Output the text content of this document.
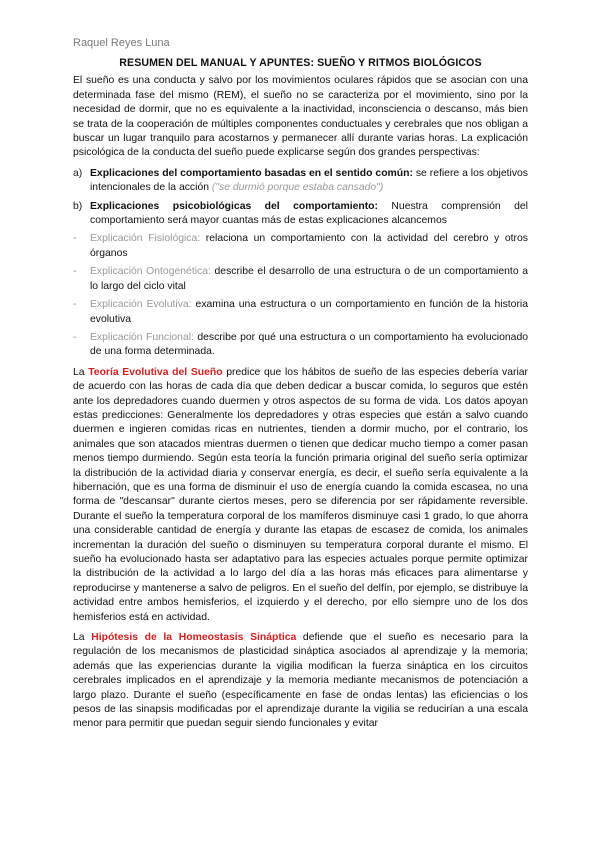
Raquel Reyes Luna
RESUMEN DEL MANUAL Y APUNTES: SUEÑO Y RITMOS BIOLÓGICOS

El sueño es una conducta y salvo por los movimientos oculares rápidos que se asocian con una determinada fase del mismo (REM), el sueño no se caracteriza por el movimiento, sino por la necesidad de dormir, que no es equivalente a la inactividad, inconsciencia o descanso, más bien se trata de la cooperación de múltiples componentes conductuales y cerebrales que nos obligan a buscar un lugar tranquilo para acostarnos y permanecer allí durante varias horas. La explicación psicológica de la conducta del sueño puede explicarse según dos grandes perspectivas:

a) Explicaciones del comportamiento basadas en el sentido común: se refiere a los objetivos intencionales de la acción ("se durmió porque estaba cansado")
b) Explicaciones psicobiológicas del comportamiento: Nuestra comprensión del comportamiento será mayor cuantas más de estas explicaciones alcancemos
- Explicación Fisiológica: relaciona un comportamiento con la actividad del cerebro y otros órganos
- Explicación Ontogenética: describe el desarrollo de una estructura o de un comportamiento a lo largo del ciclo vital
- Explicación Evolutiva: examina una estructura o un comportamiento en función de la historia evolutiva
- Explicación Funcional: describe por qué una estructura o un comportamiento ha evolucionado de una forma determinada.

La Teoría Evolutiva del Sueño predice que los hábitos de sueño de las especies debería variar de acuerdo con las horas de cada día que deben dedicar a buscar comida, lo seguros que estén ante los depredadores cuando duermen y otros aspectos de su forma de vida. Los datos apoyan estas predicciones: Generalmente los depredadores y otras especies que están a salvo cuando duermen e ingieren comidas ricas en nutrientes, tienden a dormir mucho, por el contrario, los animales que son atacados mientras duermen o tienen que dedicar mucho tiempo a comer pasan menos tiempo durmiendo. Según esta teoría la función primaria original del sueño sería optimizar la distribución de la actividad diaria y conservar energía, es decir, el sueño sería equivalente a la hibernación, que es una forma de disminuir el uso de energía cuando la comida escasea, no una forma de "descansar" durante ciertos meses, pero se diferencia por ser rápidamente reversible. Durante el sueño la temperatura corporal de los mamíferos disminuye casi 1 grado, lo que ahorra una considerable cantidad de energía y durante las etapas de escasez de comida, los animales incrementan la duración del sueño o disminuyen su temperatura corporal durante el mismo. El sueño ha evolucionado hasta ser adaptativo para las especies actuales porque permite optimizar la distribución de la actividad a lo largo del día a las horas más eficaces para alimentarse y reproducirse y mantenerse a salvo de peligros. En el sueño del delfín, por ejemplo, se distribuye la actividad entre ambos hemisferios, el izquierdo y el derecho, por ello siempre uno de los dos hemisferios está en actividad.

La Hipótesis de la Homeostasis Sináptica defiende que el sueño es necesario para la regulación de los mecanismos de plasticidad sináptica asociados al aprendizaje y la memoria; además que las experiencias durante la vigilia modifican la fuerza sináptica en los circuitos cerebrales implicados en el aprendizaje y la memoria mediante mecanismos de potenciación a largo plazo. Durante el sueño (específicamente en fase de ondas lentas) las eficiencias o los pesos de las sinapsis modificadas por el aprendizaje durante la vigilia se reducirían a una escala menor para permitir que puedan seguir siendo funcionales y evitar
